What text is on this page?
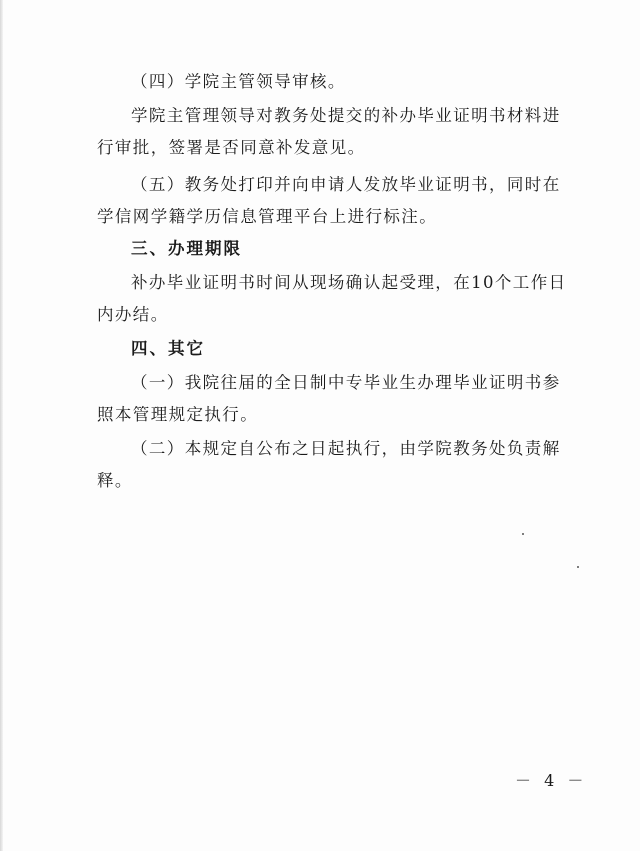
（四）学院主管领导审核。
学院主管理领导对教务处提交的补办毕业证明书材料进
行审批，签署是否同意补发意见。
（五）教务处打印并向申请人发放毕业证明书，同时在
学信网学籍学历信息管理平台上进行标注。
三、办理期限
补办毕业证明书时间从现场确认起受理，在10个工作日
内办结。
四、其它
（一）我院往届的全日制中专毕业生办理毕业证明书参
照本管理规定执行。
（二）本规定自公布之日起执行，由学院教务处负责解
释。
－ 4 －
